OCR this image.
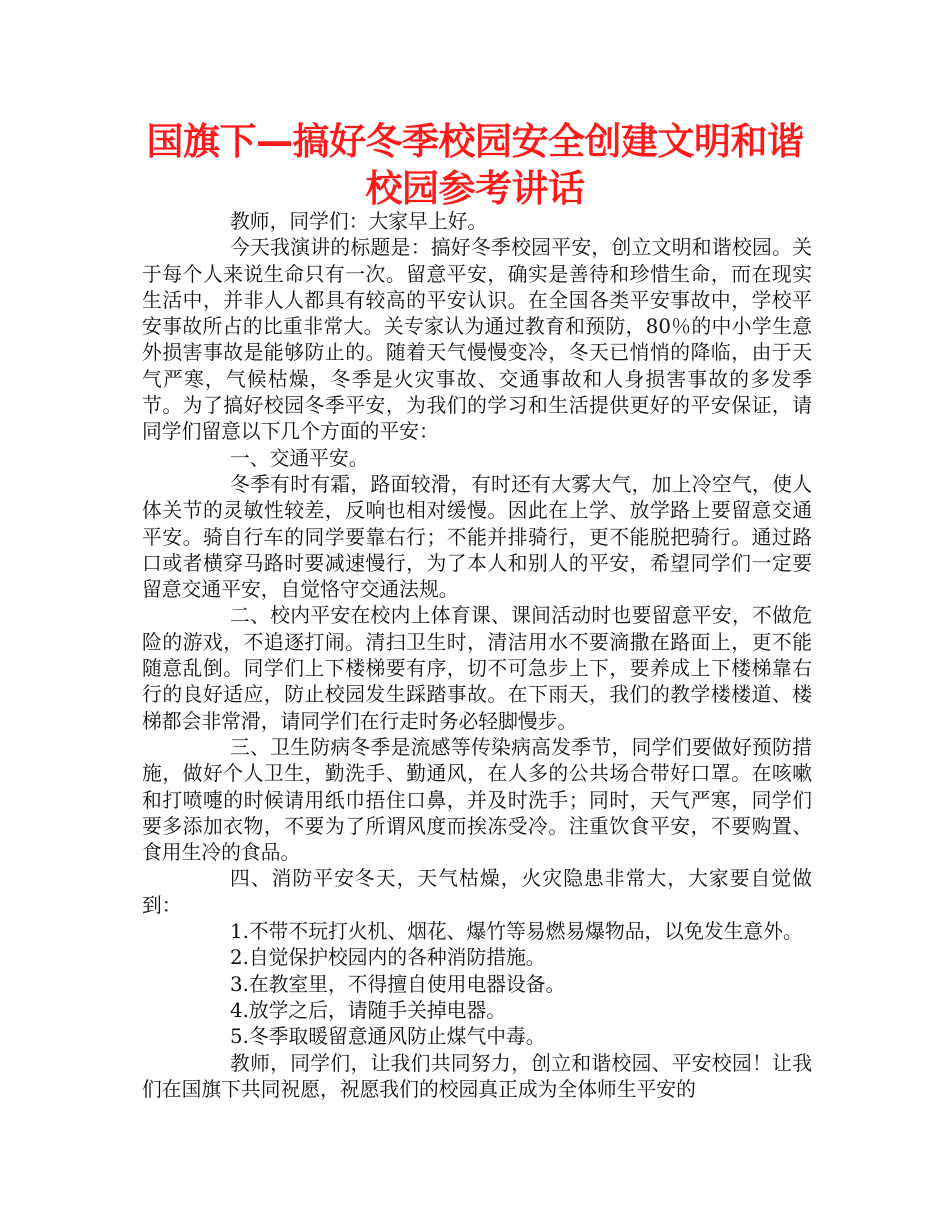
国旗下—搞好冬季校园安全创建文明和谐
校园参考讲话

教师，同学们：大家早上好。

今天我演讲的标题是：搞好冬季校园平安，创立文明和谐校园。关于每个人来说生命只有一次。留意平安，确实是善待和珍惜生命，而在现实生活中，并非人人都具有较高的平安认识。在全国各类平安事故中，学校平安事故所占的比重非常大。关专家认为通过教育和预防，80％的中小学生意外损害事故是能够防止的。随着天气慢慢变冷，冬天已悄悄的降临，由于天气严寒，气候枯燥，冬季是火灾事故、交通事故和人身损害事故的多发季节。为了搞好校园冬季平安，为我们的学习和生活提供更好的平安保证，请同学们留意以下几个方面的平安：

一、交通平安。

冬季有时有霜，路面较滑，有时还有大雾大气，加上冷空气，使人体关节的灵敏性较差，反响也相对缓慢。因此在上学、放学路上要留意交通平安。骑自行车的同学要靠右行；不能并排骑行，更不能脱把骑行。通过路口或者横穿马路时要减速慢行，为了本人和别人的平安，希望同学们一定要留意交通平安，自觉恪守交通法规。

二、校内平安在校内上体育课、课间活动时也要留意平安，不做危险的游戏，不追逐打闹。清扫卫生时，清洁用水不要滴撒在路面上，更不能随意乱倒。同学们上下楼梯要有序，切不可急步上下，要养成上下楼梯靠右行的良好适应，防止校园发生踩踏事故。在下雨天，我们的教学楼楼道、楼梯都会非常滑，请同学们在行走时务必轻脚慢步。

三、卫生防病冬季是流感等传染病高发季节，同学们要做好预防措施，做好个人卫生，勤洗手、勤通风，在人多的公共场合带好口罩。在咳嗽和打喷嚏的时候请用纸巾捂住口鼻，并及时洗手；同时，天气严寒，同学们要多添加衣物，不要为了所谓风度而挨冻受冷。注重饮食平安，不要购置、食用生冷的食品。

四、消防平安冬天，天气枯燥，火灾隐患非常大，大家要自觉做到：

1.不带不玩打火机、烟花、爆竹等易燃易爆物品，以免发生意外。

2.自觉保护校园内的各种消防措施。

3.在教室里，不得擅自使用电器设备。

4.放学之后，请随手关掉电器。

5.冬季取暖留意通风防止煤气中毒。

教师，同学们，让我们共同努力，创立和谐校园、平安校园！让我们在国旗下共同祝愿，祝愿我们的校园真正成为全体师生平安的
